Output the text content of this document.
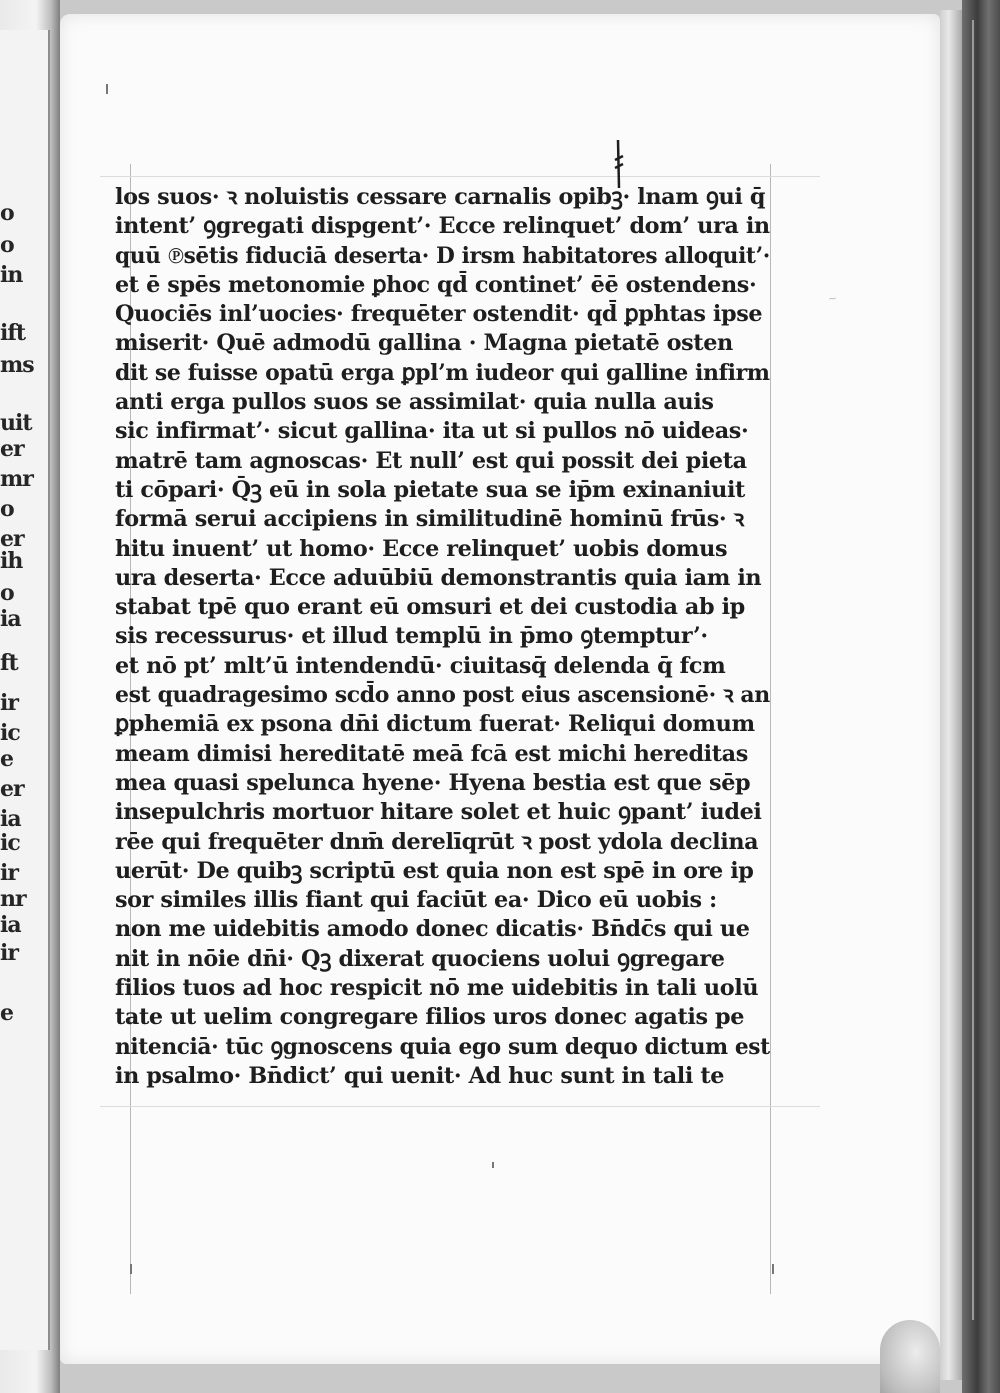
o
o
in
ift
ms
uit
er
mr
o
er
ih
o
ia
ft
ir
ic
e
er
ia
ic
ir
nr
ia
ir
e
los suos· ꝛ noluistis cessare carnalis opibꝫ· lnam ꝯui q̄
intent’ ꝯgregati dispgent’· Ecce relinquet’ dom’ ura in
quū ℗sētis fiduciā deserta· D irsm habitatores alloquit’·
et ē spēs metonomie ꝑhoc qd̄ continet’ ēē ostendens·
Quociēs inl’uocies· frequēter ostendit· qd̄ ꝑphtas ipse
miserit· Quē admodū gallina · Magna pietatē osten
dit se fuisse opatū erga ꝑpl’m iudeor qui galline infirm
anti erga pullos suos se assimilat· quia nulla auis
sic infirmat’· sicut gallina· ita ut si pullos nō uideas·
matrē tam agnoscas· Et null’ est qui possit dei pieta
ti cōpari· Q̄ꝫ eū in sola pietate sua se ip̄m exinaniuit
formā serui accipiens in similitudinē hominū frūs· ꝛ
hitu inuent’ ut homo· Ecce relinquet’ uobis domus
ura deserta· Ecce aduūbiū demonstrantis quia iam in
stabat tpē quo erant eū omsuri et dei custodia ab ip
sis recessurus· et illud templū in p̄mo ꝯtemptur’·
et nō pt’ mlt’ū intendendū· ciuitasq̄ delenda q̄ fcm
est quadragesimo scd̄o anno post eius ascensionē· ꝛ an
ꝑphemiā ex psona dn̄i dictum fuerat· Reliqui domum
meam dimisi hereditatē meā fcā est michi hereditas
mea quasi spelunca hyene· Hyena bestia est que sēp
insepulchris mortuor hitare solet et huic ꝯpant’ iudei
rēe qui frequēter dnm̄ derelīqrūt ꝛ post ydola declina
uerūt· De quibꝫ scriptū est quia non est spē in ore ip
sor similes illis fiant qui faciūt ea· Dico eū uobis :
non me uidebitis amodo donec dicatis· Bn̄dc̄s qui ue
nit in nōie dn̄i· Qꝫ dixerat quociens uolui ꝯgregare
filios tuos ad hoc respicit nō me uidebitis in tali uolū
tate ut uelim congregare filios uros donec agatis pe
nitenciā· tūc ꝯgnoscens quia ego sum dequo dictum est
in psalmo· Bn̄dict’ qui uenit· Ad huc sunt in tali te
~
